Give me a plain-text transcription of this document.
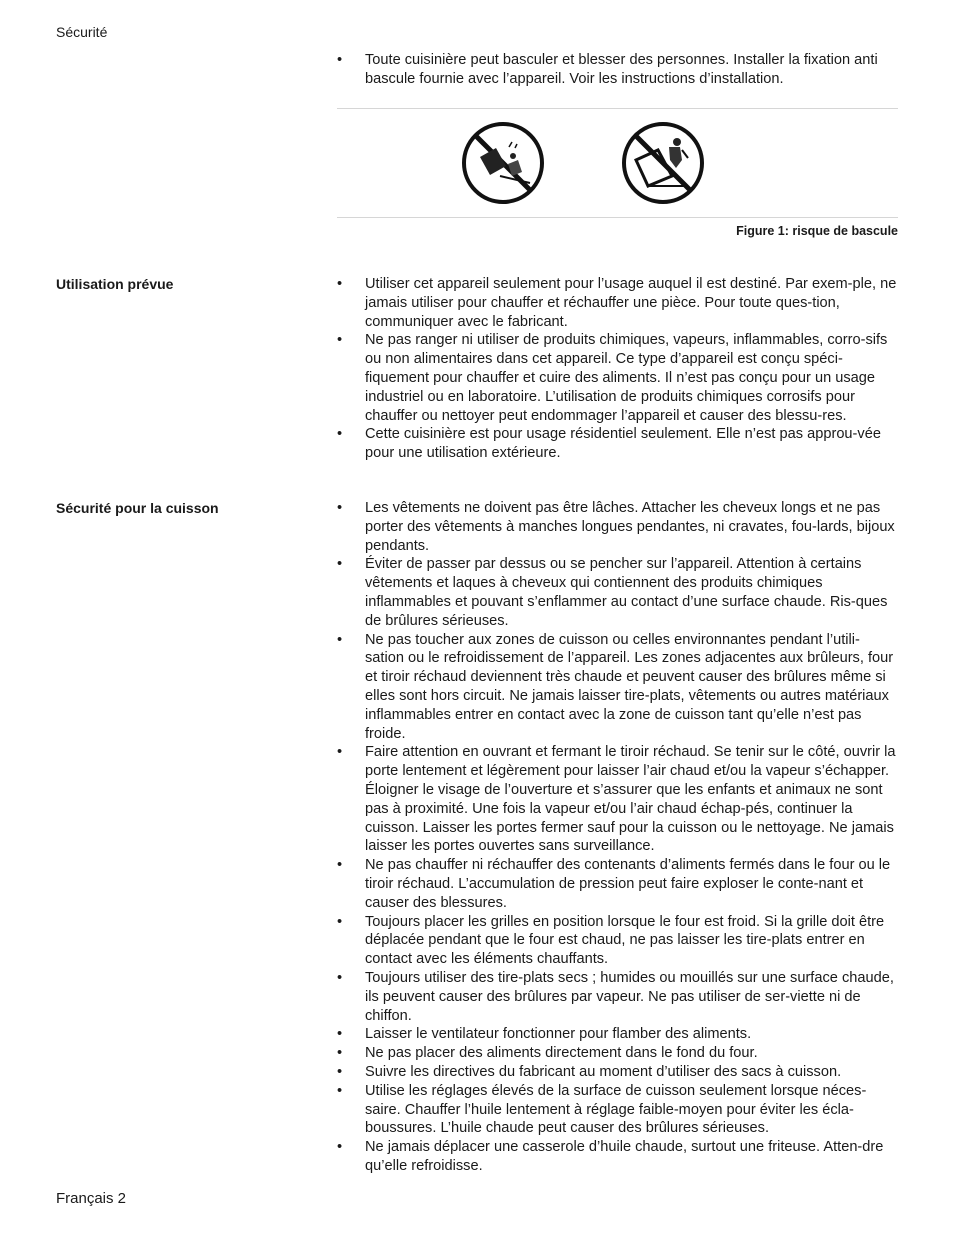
Sécurité
• Toute cuisinière peut basculer et blesser des personnes. Installer la fixation anti bascule fournie avec l’appareil. Voir les instructions d’installation.
Figure 1: risque de bascule
Utilisation prévue	• Utiliser cet appareil seulement pour l’usage auquel il est destiné. Par exem-ple, ne jamais utiliser pour chauffer et réchauffer une pièce. Pour toute ques-tion, communiquer avec le fabricant.
• Ne pas ranger ni utiliser de produits chimiques, vapeurs, inflammables, corro-sifs ou non alimentaires dans cet appareil. Ce type d’appareil est conçu spéci-fiquement pour chauffer et cuire des aliments. Il n’est pas conçu pour un usage industriel ou en laboratoire. L’utilisation de produits chimiques corrosifs pour chauffer ou nettoyer peut endommager l’appareil et causer des blessu-res.
• Cette cuisinière est pour usage résidentiel seulement. Elle n’est pas approu-vée pour une utilisation extérieure.
Sécurité pour la cuisson	• Les vêtements ne doivent pas être lâches. Attacher les cheveux longs et ne pas porter des vêtements à manches longues pendantes, ni cravates, fou-lards, bijoux pendants.
• Éviter de passer par dessus ou se pencher sur l’appareil. Attention à certains vêtements et laques à cheveux qui contiennent des produits chimiques inflammables et pouvant s’enflammer au contact d’une surface chaude. Ris-ques de brûlures sérieuses.
• Ne pas toucher aux zones de cuisson ou celles environnantes pendant l’utili-sation ou le refroidissement de l’appareil. Les zones adjacentes aux brûleurs, four et tiroir réchaud deviennent très chaude et peuvent causer des brûlures même si elles sont hors circuit. Ne jamais laisser tire-plats, vêtements ou autres matériaux inflammables entrer en contact avec la zone de cuisson tant qu’elle n’est pas froide.
• Faire attention en ouvrant et fermant le tiroir réchaud. Se tenir sur le côté, ouvrir la porte lentement et légèrement pour laisser l’air chaud et/ou la vapeur s’échapper. Éloigner le visage de l’ouverture et s’assurer que les enfants et animaux ne sont pas à proximité. Une fois la vapeur et/ou l’air chaud échap-pés, continuer la cuisson. Laisser les portes fermer sauf pour la cuisson ou le nettoyage. Ne jamais laisser les portes ouvertes sans surveillance.
• Ne pas chauffer ni réchauffer des contenants d’aliments fermés dans le four ou le tiroir réchaud. L’accumulation de pression peut faire exploser le conte-nant et causer des blessures.
• Toujours placer les grilles en position lorsque le four est froid. Si la grille doit être déplacée pendant que le four est chaud, ne pas laisser les tire-plats entrer en contact avec les éléments chauffants.
• Toujours utiliser des tire-plats secs ; humides ou mouillés sur une surface chaude, ils peuvent causer des brûlures par vapeur. Ne pas utiliser de ser-viette ni de chiffon.
• Laisser le ventilateur fonctionner pour flamber des aliments.
• Ne pas placer des aliments directement dans le fond du four.
• Suivre les directives du fabricant au moment d’utiliser des sacs à cuisson.
• Utilise les réglages élevés de la surface de cuisson seulement lorsque néces-saire. Chauffer l’huile lentement à réglage faible-moyen pour éviter les écla-boussures. L’huile chaude peut causer des brûlures sérieuses.
• Ne jamais déplacer une casserole d’huile chaude, surtout une friteuse. Atten-dre qu’elle refroidisse.
Français 2
